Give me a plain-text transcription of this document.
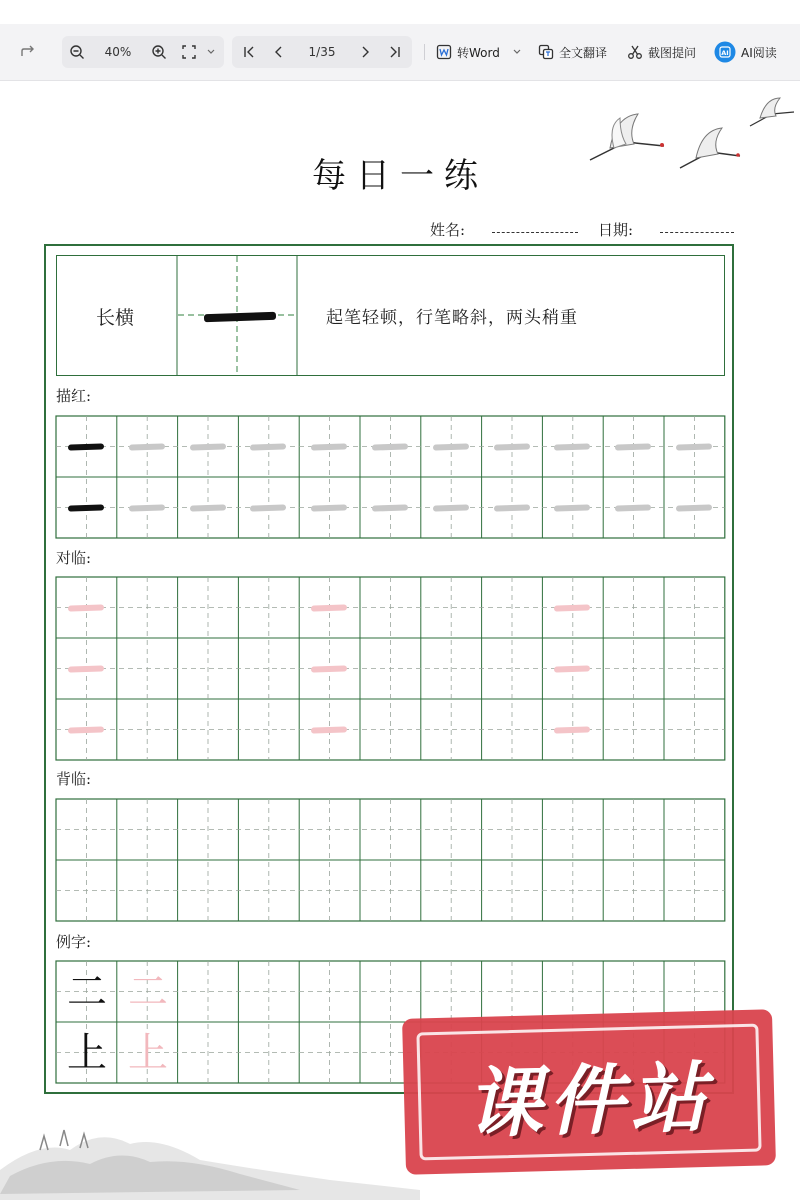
40%	1/35	转Word	全文翻译	截图提问	AI AI阅读
每日一练
姓名:	日期:
长横	起笔轻顿，行笔略斜，两头稍重
描红:
对临:
背临:
例字:
二 二
上 上	课件站
